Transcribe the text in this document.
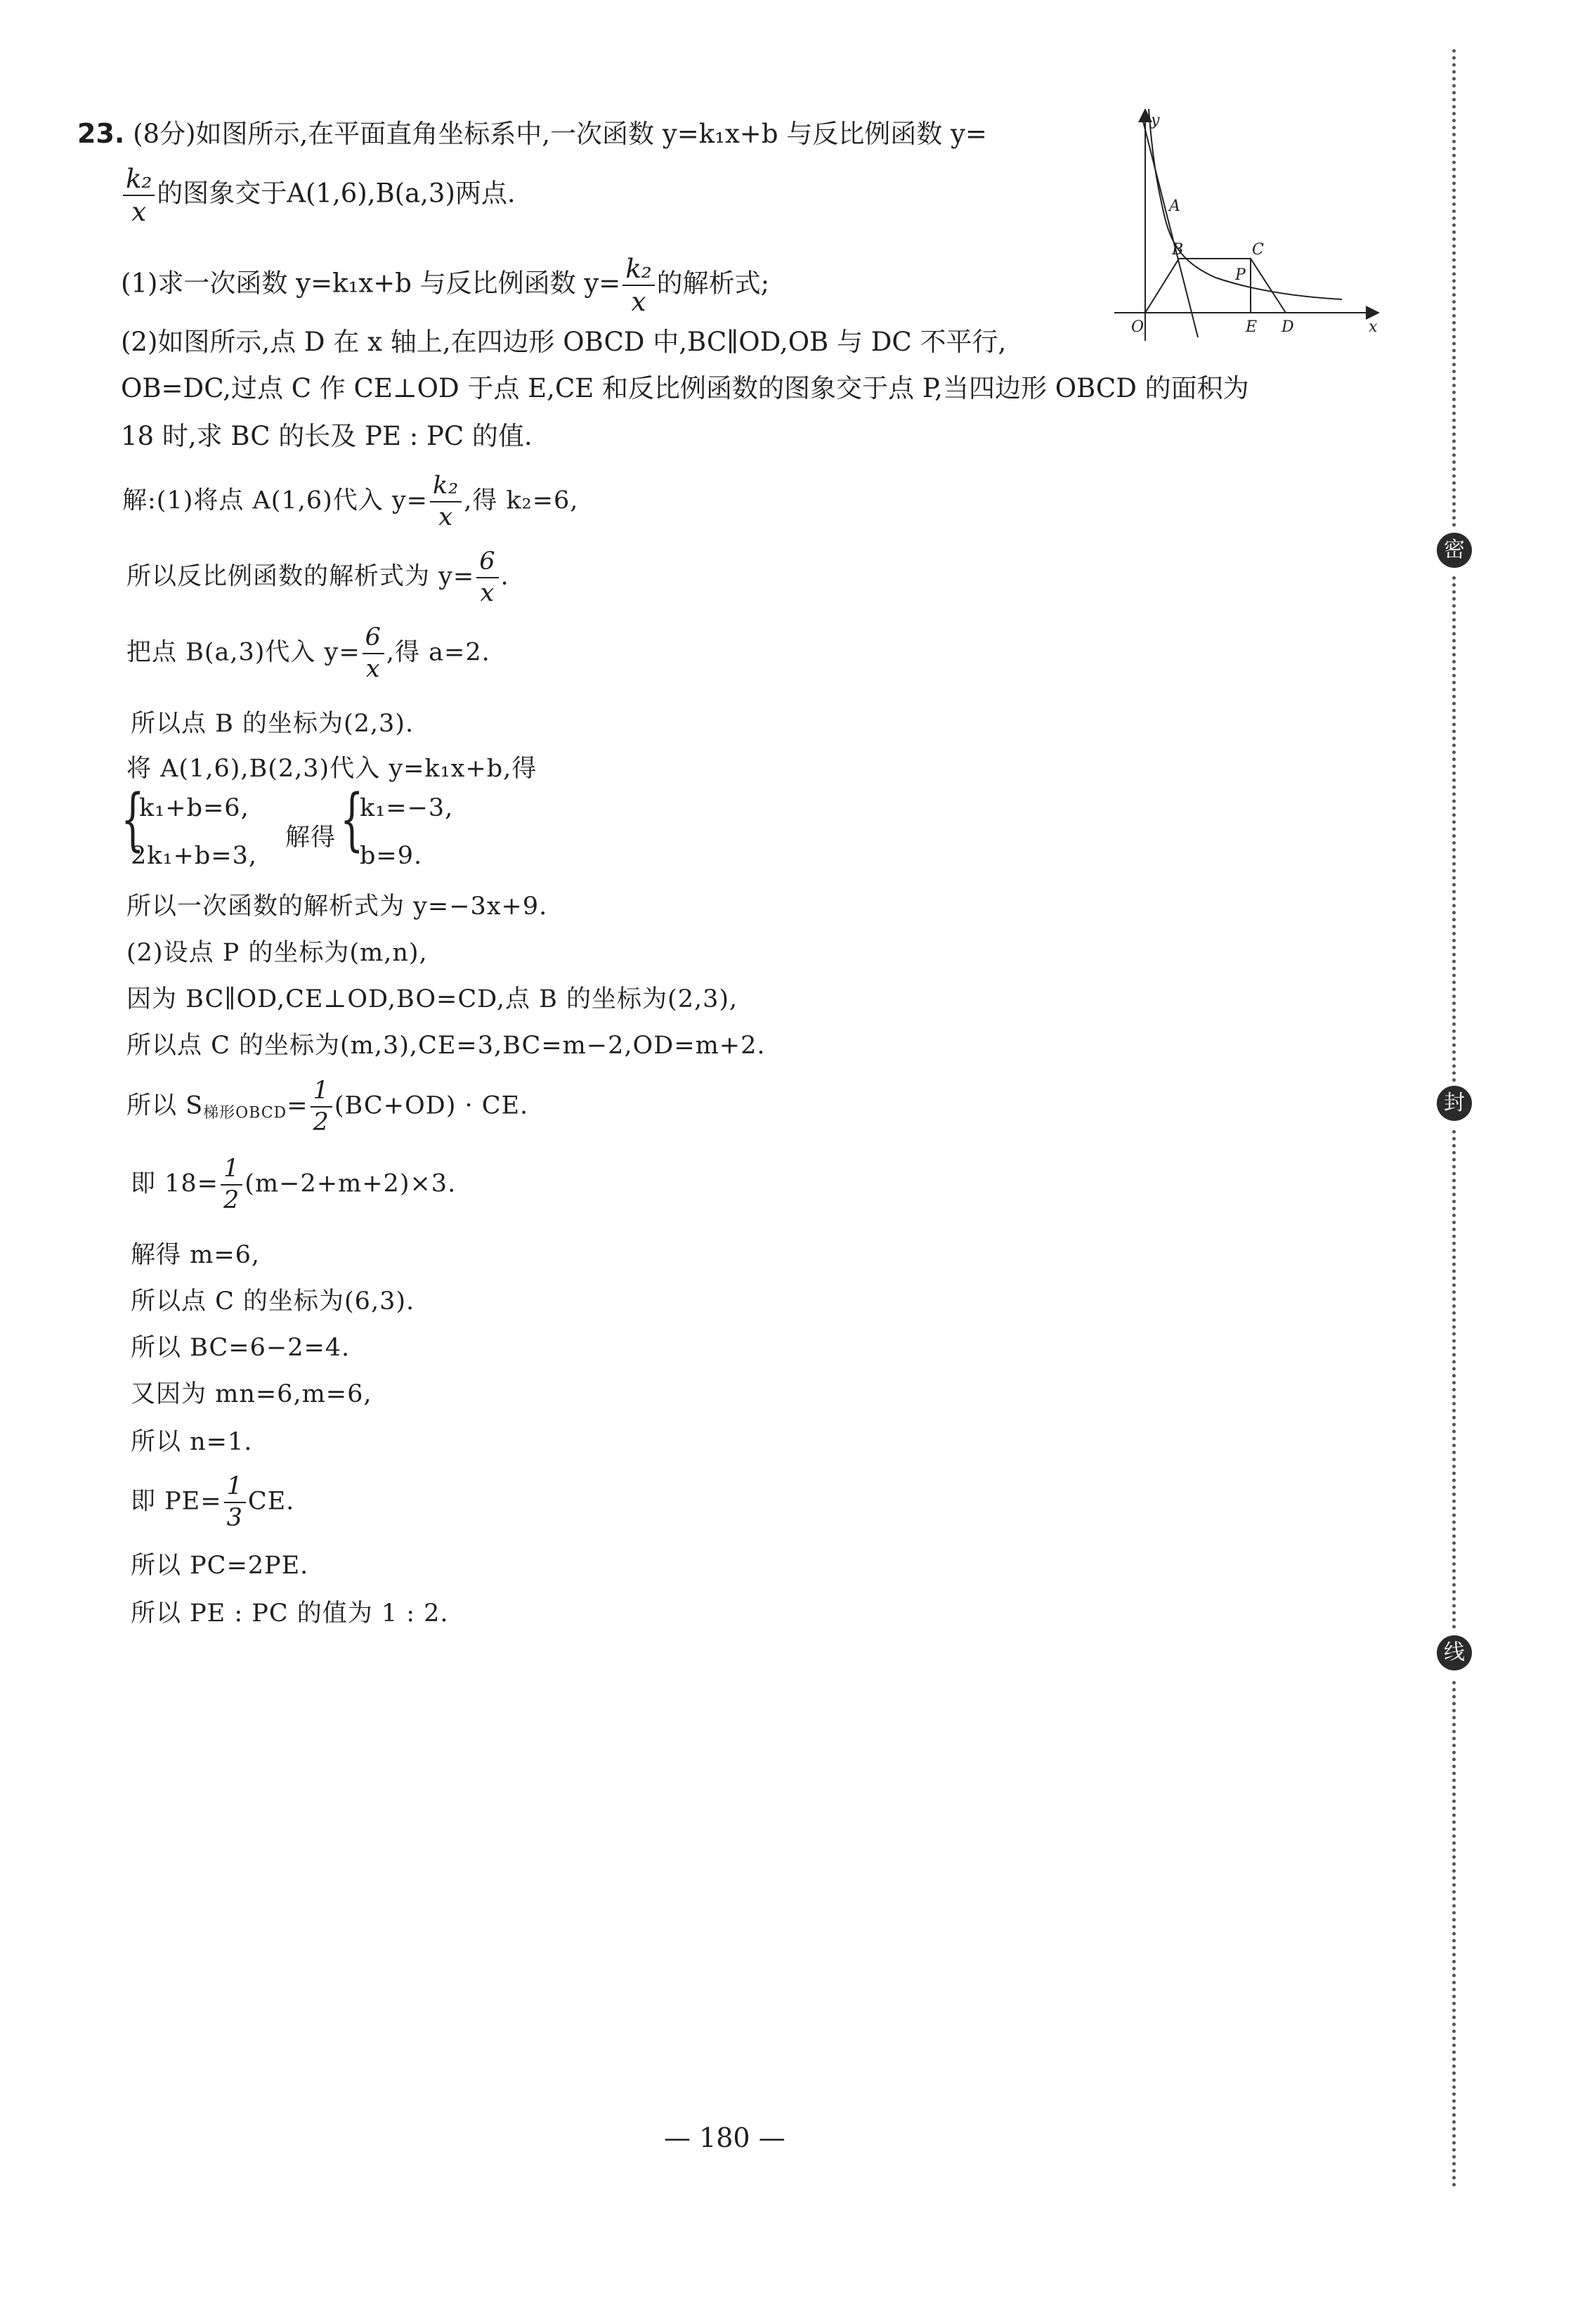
23. (8分)如图所示,在平面直角坐标系中,一次函数 y=k₁x+b 与反比例函数 y=
$\frac{\text{k₂}}{x}$ 的图象交于A(1,6),B(a,3)两点.
(1)求一次函数 y=k₁x+b 与反比例函数 $y= \frac{\text{k₂}}{x}$ 的解析式;
(2)如图所示,点 D 在 x 轴上,在四边形 OBCD 中,BC∥OD,OB 与 DC 不平行,
OB=DC,过点 C 作 CE⊥OD 于点 E,CE 和反比例函数的图象交于点 P,当四边形 OBCD 的面积为
18 时,求 BC 的长及 PE : PC 的值.
y
x
O
A
B	C
P
E D
解:(1)将点 A(1,6)代入 $y= \frac{\text{k₂}}{x}$ ,得 k₂=6,
所以反比例函数的解析式为 $y= \frac{6}{x}$ .
把点 B(a,3)代入 $y= \frac{6}{x}$ ,得 a=2.
所以点 B 的坐标为(2,3).
将 A(1,6),B(2,3)代入 y=k₁x+b,得
{
k₁+b=6,
2k₁+b=3,
解得 {
k₁=−3,
b=9.
所以一次函数的解析式为 y=−3x+9.
(2)设点 P 的坐标为(m,n),
因为 BC∥OD,CE⊥OD,BO=CD,点 B 的坐标为(2,3),
所以点 C 的坐标为(m,3),CE=3,BC=m−2,OD=m+2.
所以 $S_{梯形OBCD}= \frac{1}{2} (BC+OD)$ · CE.
即 $18= \frac{1}{2} (m-2+m+2)\times 3$.
解得 m=6,
所以点 C 的坐标为(6,3).
所以 BC=6−2=4.
又因为 mn=6,m=6,
所以 n=1.
即 $PE= \frac{1}{3}$ CE.
所以 PC=2PE.
所以 PE : PC 的值为 1 : 2.
密
封
线
— 180 —
